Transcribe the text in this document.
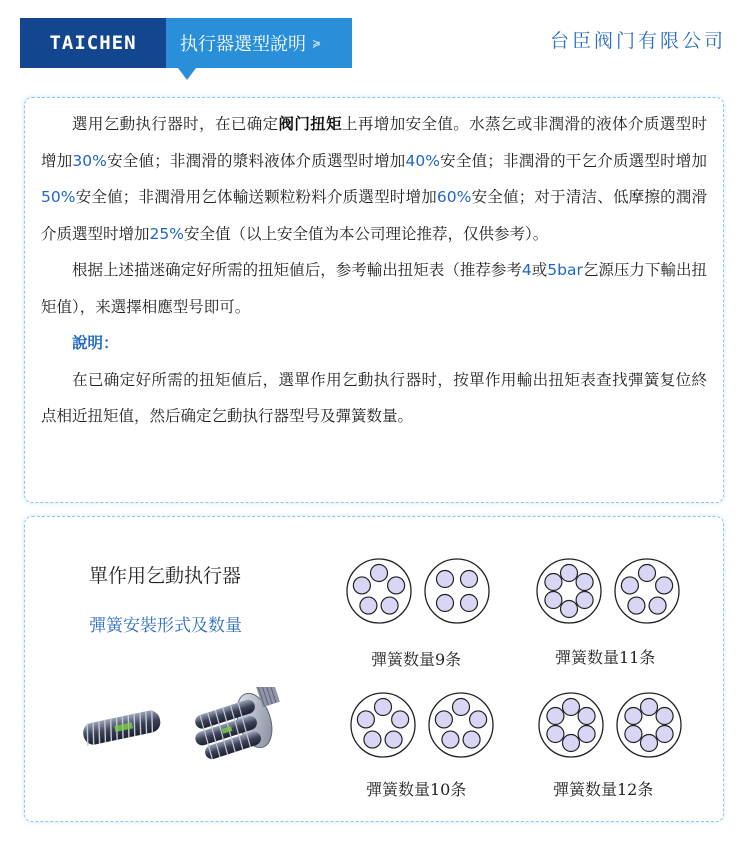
TAICHEN	执行器選型說明 ≽	台臣阀门有限公司

選用乞動执行器时，在已确定阀门扭矩上再增加安全值。水蒸乞或非潤滑的液体介质選型时增加30%安全値；非潤滑的漿料液体介质選型时增加40%安全值；非潤滑的干乞介质選型时增加50%安全値；非潤滑用乞体輸送颗粒粉料介质選型时增加60%安全値；对于清洁、低摩擦的潤滑介质選型时增加25%安全值（以上安全值为本公司理论推荐，仅供参考）。

根据上述描迷确定好所需的扭矩値后，参考輸出扭矩表（推荐参考4或5bar乞源压力下輸出扭矩值），来選擇相應型号即可。

說明：

在已确定好所需的扭矩値后，選單作用乞動执行器时，按單作用輸出扭矩表查找彈簧复位終点相近扭矩值，然后确定乞動执行器型号及彈簧数量。

單作用乞動执行器
彈簧安裝形式及数量
彈簧数量9条	彈簧数量11条
彈簧数量10条	彈簧数量12条
